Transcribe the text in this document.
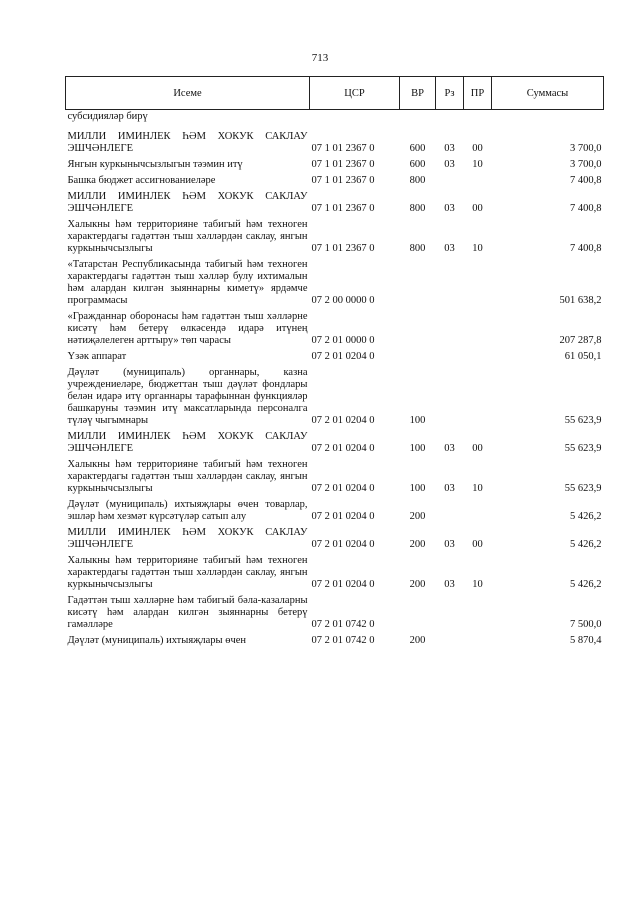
713
Исеме	ЦСР	ВР	Рз	ПР	Суммасы
субсидияләр бирү					
МИЛЛИ ИМИНЛЕК ҺӘМ ХОКУК САКЛАУ ЭШЧӘНЛЕГЕ	07 1 01 2367 0	600	03	00	3 700,0
Янгын куркынычсызлыгын тәэмин итү	07 1 01 2367 0	600	03	10	3 700,0
Башка бюджет ассигнованиеләре	07 1 01 2367 0	800			7 400,8
МИЛЛИ ИМИНЛЕК ҺӘМ ХОКУК САКЛАУ ЭШЧӘНЛЕГЕ	07 1 01 2367 0	800	03	00	7 400,8
Халыкны һәм территорияне табигый һәм техноген характердагы гадәттән тыш хәлләрдән саклау, янгын куркынычсызлыгы	07 1 01 2367 0	800	03	10	7 400,8
«Татарстан Республикасында табигый һәм техноген характердагы гадәттән тыш хәлләр булу ихтималын һәм алардан килгән зыяннарны киметү» ярдәмче программасы	07 2 00 0000 0				501 638,2
«Гражданнар оборонасы һәм гадәттән тыш хәлләрне кисәтү һәм бетерү өлкәсендә идарә итүнең нәтиҗәлелеген арттыру» төп чарасы	07 2 01 0000 0				207 287,8
Үзәк аппарат	07 2 01 0204 0				61 050,1
Дәүләт (муниципаль) органнары, казна учреждениеләре, бюджеттан тыш дәүләт фондлары белән идарә итү органнары тарафыннан функцияләр башкаруны тәэмин итү максатларында персоналга түләү чыгымнары	07 2 01 0204 0	100			55 623,9
МИЛЛИ ИМИНЛЕК ҺӘМ ХОКУК САКЛАУ ЭШЧӘНЛЕГЕ	07 2 01 0204 0	100	03	00	55 623,9
Халыкны һәм территорияне табигый һәм техноген характердагы гадәттән тыш хәлләрдән саклау, янгын куркынычсызлыгы	07 2 01 0204 0	100	03	10	55 623,9
Дәүләт (муниципаль) ихтыяҗлары өчен товарлар, эшләр һәм хезмәт күрсәтүләр сатып алу	07 2 01 0204 0	200			5 426,2
МИЛЛИ ИМИНЛЕК ҺӘМ ХОКУК САКЛАУ ЭШЧӘНЛЕГЕ	07 2 01 0204 0	200	03	00	5 426,2
Халыкны һәм территорияне табигый һәм техноген характердагы гадәттән тыш хәлләрдән саклау, янгын куркынычсызлыгы	07 2 01 0204 0	200	03	10	5 426,2
Гадәттән тыш хәлләрне һәм табигый бәла-казаларны кисәтү һәм алардан килгән зыяннарны бетерү гамәлләре	07 2 01 0742 0				7 500,0
Дәүләт (муниципаль) ихтыяҗлары өчен	07 2 01 0742 0	200			5 870,4
